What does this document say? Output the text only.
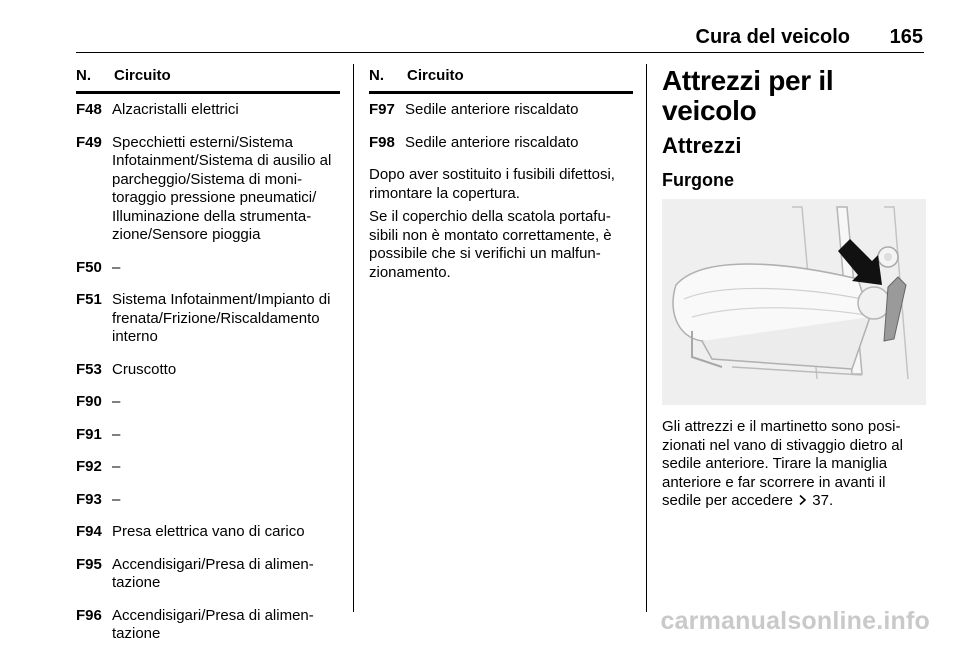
Cura del veicolo 165
N.	Circuito
F48 Alzacristalli elettrici
F49 Specchietti esterni/Sistema Infotainment/Sistema di ausilio al parcheggio/Sistema di monitoraggio pressione pneumatici/ Illuminazione della strumentazione/Sensore pioggia
F50 –
F51 Sistema Infotainment/Impianto di frenata/Frizione/Riscaldamento interno
F53 Cruscotto
F90 –
F91 –
F92 –
F93 –
F94 Presa elettrica vano di carico
F95 Accendisigari/Presa di alimentazione
F96 Accendisigari/Presa di alimentazione
N.	Circuito
F97 Sedile anteriore riscaldato
F98 Sedile anteriore riscaldato

Dopo aver sostituito i fusibili difettosi, rimontare la copertura.

Se il coperchio della scatola portafusibili non è montato correttamente, è possibile che si verifichi un malfunzionamento.

Attrezzi per il veicolo
Attrezzi
Furgone

Gli attrezzi e il martinetto sono posizionati nel vano di stivaggio dietro al sedile anteriore. Tirare la maniglia anteriore e far scorrere in avanti il sedile per accedere 37.

carmanualsonline.info
